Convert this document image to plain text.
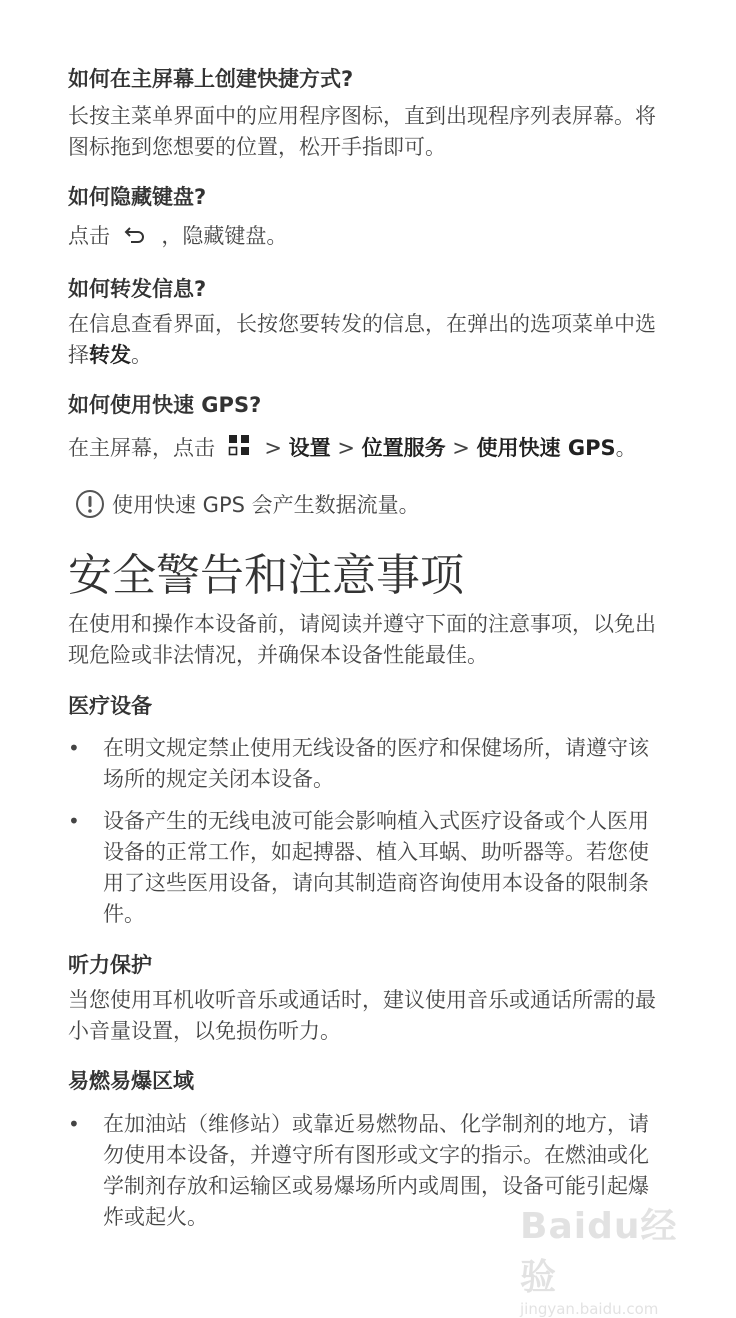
如何在主屏幕上创建快捷方式?
长按主菜单界面中的应用程序图标，直到出现程序列表屏幕。将图标拖到您想要的位置，松开手指即可。
如何隐藏键盘?
点击 ，隐藏键盘。
如何转发信息?
在信息查看界面，长按您要转发的信息，在弹出的选项菜单中选择转发。
如何使用快速 GPS?
在主屏幕，点击  > 设置 > 位置服务 > 使用快速 GPS。
使用快速 GPS 会产生数据流量。
安全警告和注意事项
在使用和操作本设备前，请阅读并遵守下面的注意事项，以免出现危险或非法情况，并确保本设备性能最佳。
医疗设备
• 在明文规定禁止使用无线设备的医疗和保健场所，请遵守该场所的规定关闭本设备。
• 设备产生的无线电波可能会影响植入式医疗设备或个人医用设备的正常工作，如起搏器、植入耳蜗、助听器等。若您使用了这些医用设备，请向其制造商咨询使用本设备的限制条件。
听力保护
当您使用耳机收听音乐或通话时，建议使用音乐或通话所需的最小音量设置，以免损伤听力。
易燃易爆区域
• 在加油站（维修站）或靠近易燃物品、化学制剂的地方，请勿使用本设备，并遵守所有图形或文字的指示。在燃油或化学制剂存放和运输区或易爆场所内或周围，设备可能引起爆炸或起火。	Baidu经验
jingyan.baidu.com
